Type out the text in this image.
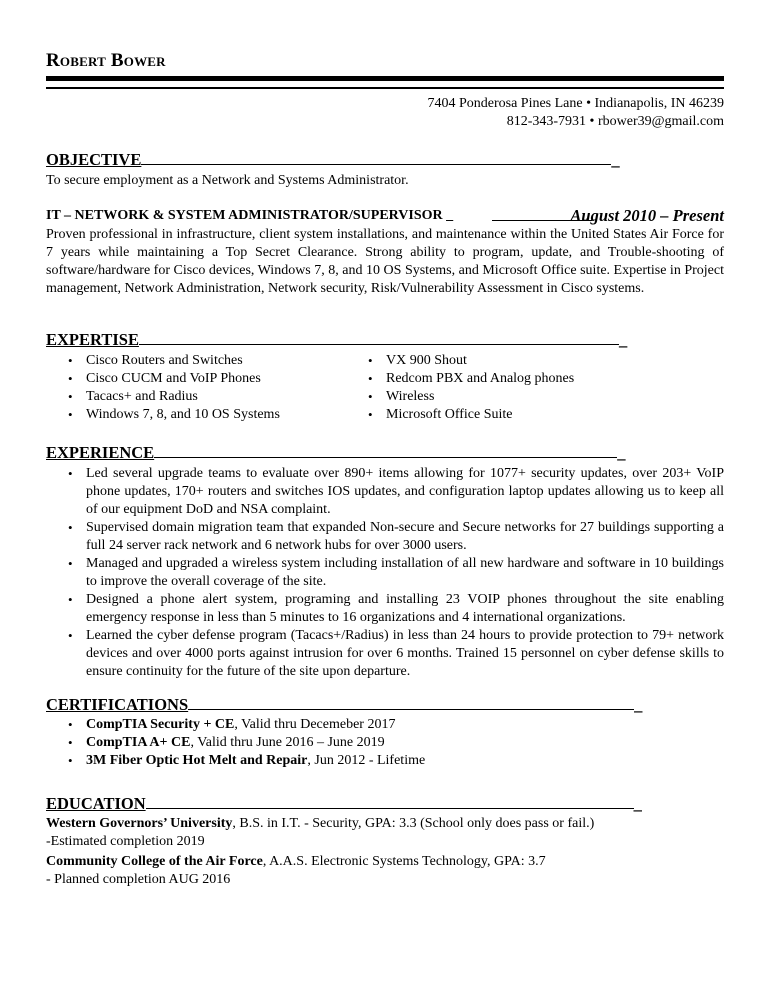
Robert Bower
7404 Ponderosa Pines Lane • Indianapolis, IN 46239
812-343-7931 • rbower39@gmail.com
OBJECTIVE	_
To secure employment as a Network and Systems Administrator.
IT – NETWORK & SYSTEM ADMINISTRATOR/SUPERVISOR _	August 2010 – Present
Proven professional in infrastructure, client system installations, and maintenance within the United States Air Force for 7 years while maintaining a Top Secret Clearance. Strong ability to program, update, and Trouble-shooting of software/hardware for Cisco devices, Windows 7, 8, and 10 OS Systems, and Microsoft Office suite. Expertise in Project management, Network Administration, Network security, Risk/Vulnerability Assessment in Cisco systems.
EXPERTISE	_
• Cisco Routers and Switches
• Cisco CUCM and VoIP Phones
• Tacacs+ and Radius
• Windows 7, 8, and 10 OS Systems
• VX 900 Shout
• Redcom PBX and Analog phones
• Wireless
• Microsoft Office Suite
EXPERIENCE	_
• Led several upgrade teams to evaluate over 890+ items allowing for 1077+ security updates, over 203+ VoIP phone updates, 170+ routers and switches IOS updates, and configuration laptop updates allowing us to keep all of our equipment DoD and NSA complaint.
• Supervised domain migration team that expanded Non-secure and Secure networks for 27 buildings supporting a full 24 server rack network and 6 network hubs for over 3000 users.
• Managed and upgraded a wireless system including installation of all new hardware and software in 10 buildings to improve the overall coverage of the site.
• Designed a phone alert system, programing and installing 23 VOIP phones throughout the site enabling emergency response in less than 5 minutes to 16 organizations and 4 international organizations.
• Learned the cyber defense program (Tacacs+/Radius) in less than 24 hours to provide protection to 79+ network devices and over 4000 ports against intrusion for over 6 months. Trained 15 personnel on cyber defense skills to ensure continuity for the future of the site upon departure.
CERTIFICATIONS	_
• CompTIA Security + CE, Valid thru Decemeber 2017
• CompTIA A+ CE, Valid thru June 2016 – June 2019
• 3M Fiber Optic Hot Melt and Repair, Jun 2012 - Lifetime
EDUCATION	_
Western Governors’ University, B.S. in I.T. - Security, GPA: 3.3 (School only does pass or fail.)
-Estimated completion 2019
Community College of the Air Force, A.A.S. Electronic Systems Technology, GPA: 3.7
- Planned completion AUG 2016
